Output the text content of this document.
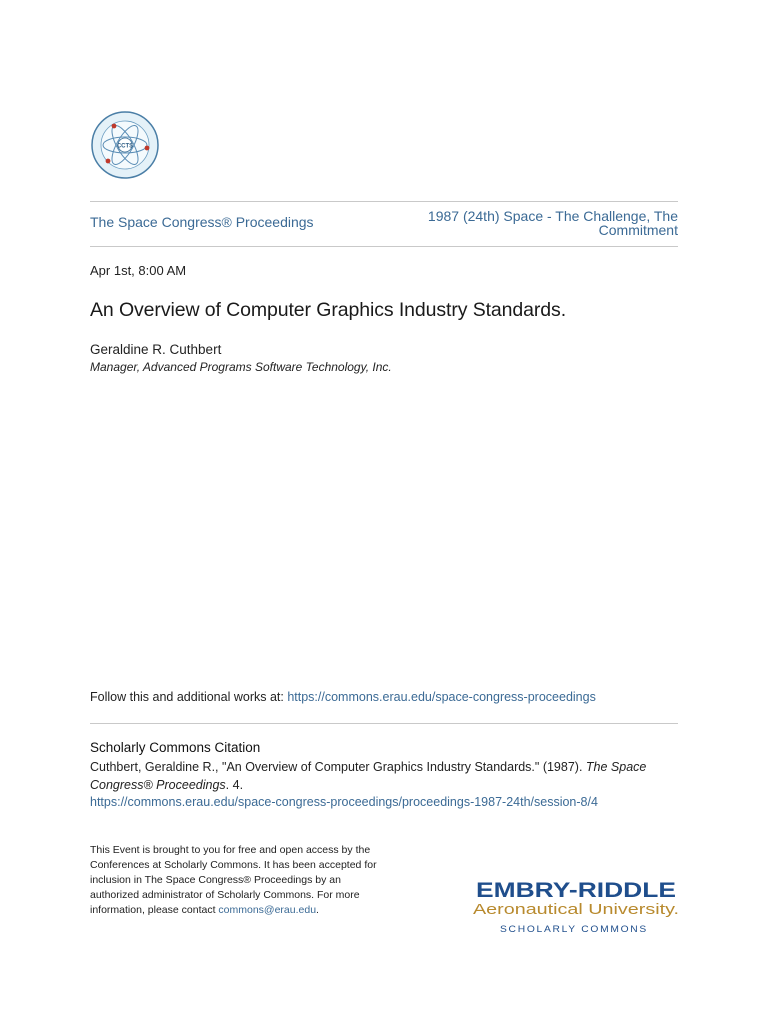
CCTS
The Space Congress® Proceedings	1987 (24th) Space - The Challenge, The Commitment
Apr 1st, 8:00 AM
An Overview of Computer Graphics Industry Standards.
Geraldine R. Cuthbert
Manager, Advanced Programs Software Technology, Inc.
Follow this and additional works at: https://commons.erau.edu/space-congress-proceedings
Scholarly Commons Citation
Cuthbert, Geraldine R., "An Overview of Computer Graphics Industry Standards." (1987). The Space Congress® Proceedings. 4.
https://commons.erau.edu/space-congress-proceedings/proceedings-1987-24th/session-8/4
This Event is brought to you for free and open access by the Conferences at Scholarly Commons. It has been accepted for inclusion in The Space Congress® Proceedings by an authorized administrator of Scholarly Commons. For more information, please contact commons@erau.edu.
EMBRY-RIDDLE
Aeronautical University.
SCHOLARLY COMMONS
